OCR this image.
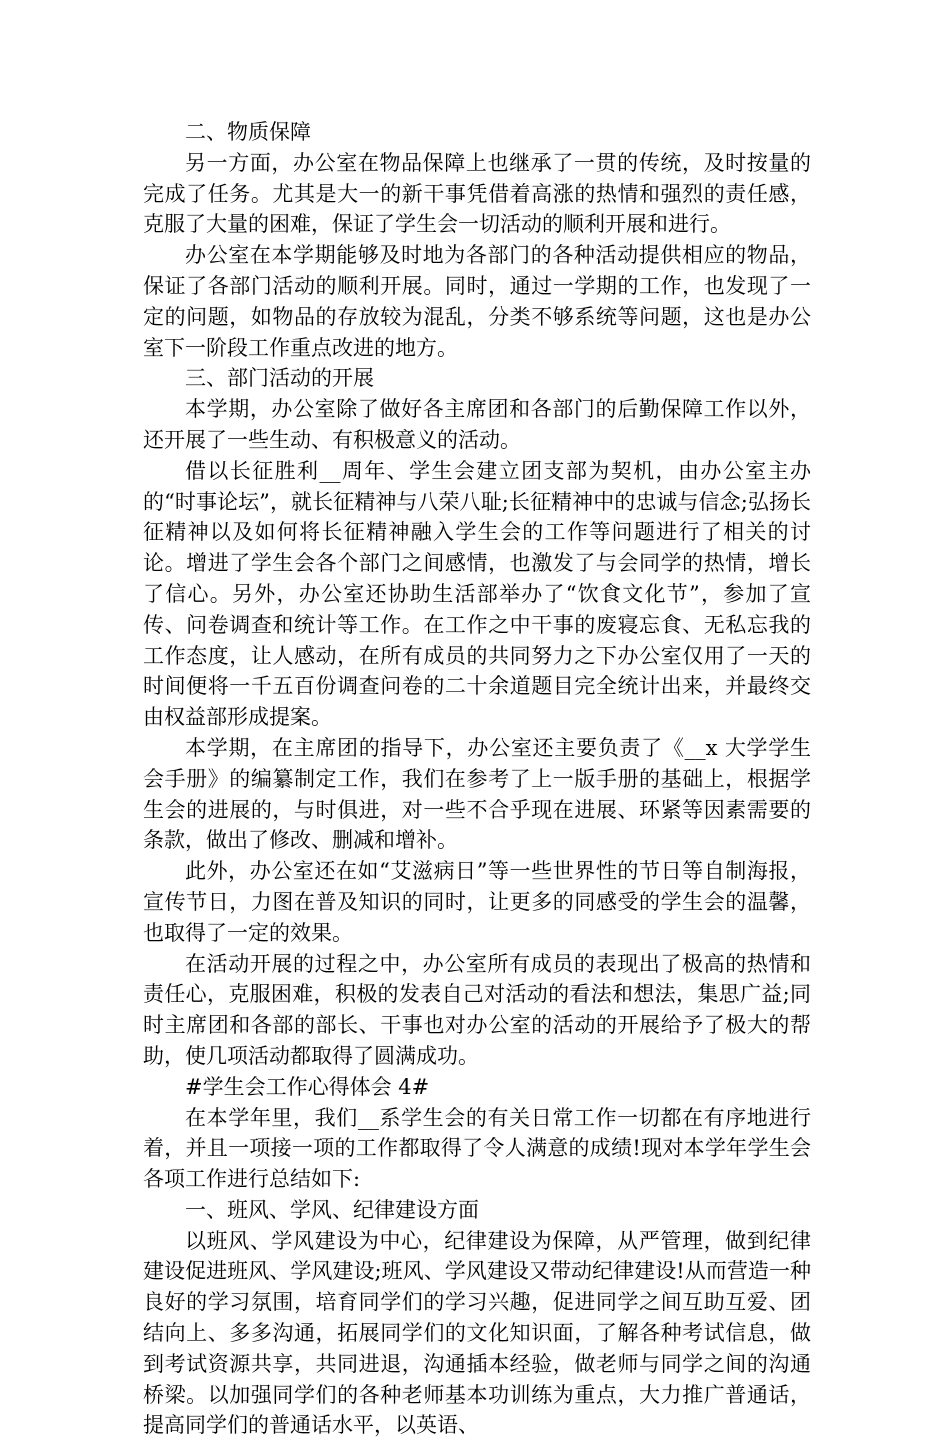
二、物质保障

另一方面，办公室在物品保障上也继承了一贯的传统，及时按量的完成了任务。尤其是大一的新干事凭借着高涨的热情和强烈的责任感，克服了大量的困难，保证了学生会一切活动的顺利开展和进行。

办公室在本学期能够及时地为各部门的各种活动提供相应的物品，保证了各部门活动的顺利开展。同时，通过一学期的工作，也发现了一定的问题，如物品的存放较为混乱，分类不够系统等问题，这也是办公室下一阶段工作重点改进的地方。

三、部门活动的开展

本学期，办公室除了做好各主席团和各部门的后勤保障工作以外，还开展了一些生动、有积极意义的活动。

借以长征胜利__周年、学生会建立团支部为契机，由办公室主办的“时事论坛”，就长征精神与八荣八耻;长征精神中的忠诚与信念;弘扬长征精神以及如何将长征精神融入学生会的工作等问题进行了相关的讨论。增进了学生会各个部门之间感情，也激发了与会同学的热情，增长了信心。另外，办公室还协助生活部举办了“饮食文化节”，参加了宣传、问卷调查和统计等工作。在工作之中干事的废寝忘食、无私忘我的工作态度，让人感动，在所有成员的共同努力之下办公室仅用了一天的时间便将一千五百份调查问卷的二十余道题目完全统计出来，并最终交由权益部形成提案。

本学期，在主席团的指导下，办公室还主要负责了《__x 大学学生会手册》的编纂制定工作，我们在参考了上一版手册的基础上，根据学生会的进展的，与时俱进，对一些不合乎现在进展、环紧等因素需要的条款，做出了修改、删减和增补。

此外，办公室还在如“艾滋病日”等一些世界性的节日等自制海报，宣传节日，力图在普及知识的同时，让更多的同感受的学生会的温馨，也取得了一定的效果。

在活动开展的过程之中，办公室所有成员的表现出了极高的热情和责任心，克服困难，积极的发表自己对活动的看法和想法，集思广益;同时主席团和各部的部长、干事也对办公室的活动的开展给予了极大的帮助，使几项活动都取得了圆满成功。

#学生会工作心得体会 4#

在本学年里，我们__系学生会的有关日常工作一切都在有序地进行着，并且一项接一项的工作都取得了令人满意的成绩!现对本学年学生会各项工作进行总结如下:

一、班风、学风、纪律建设方面

以班风、学风建设为中心，纪律建设为保障，从严管理，做到纪律建设促进班风、学风建设;班风、学风建设又带动纪律建设!从而营造一种良好的学习氛围，培育同学们的学习兴趣，促进同学之间互助互爱、团结向上、多多沟通，拓展同学们的文化知识面，了解各种考试信息，做到考试资源共享，共同进退，沟通插本经验，做老师与同学之间的沟通桥梁。以加强同学们的各种老师基本功训练为重点，大力推广普通话，提高同学们的普通话水平，以英语、
